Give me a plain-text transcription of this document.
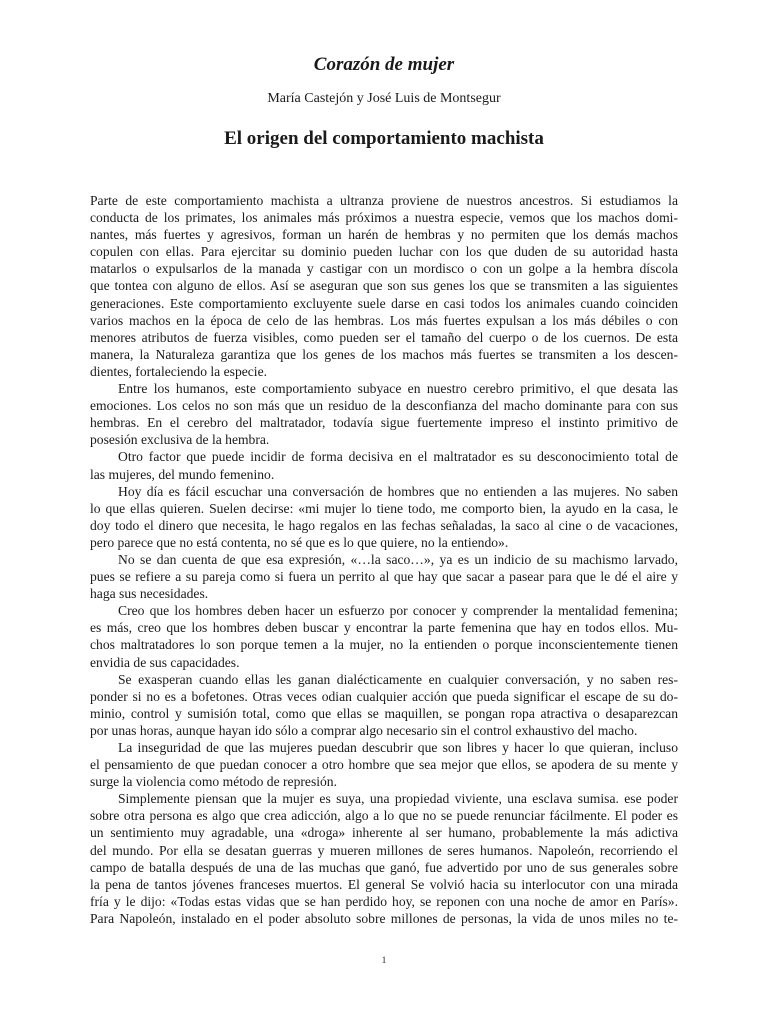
Corazón de mujer

María Castejón y José Luis de Montsegur

El origen del comportamiento machista
Parte de este comportamiento machista a ultranza proviene de nuestros ancestros. Si estudiamos la
conducta de los primates, los animales más próximos a nuestra especie, vemos que los machos domi-
nantes, más fuertes y agresivos, forman un harén de hembras y no permiten que los demás machos
copulen con ellas. Para ejercitar su dominio pueden luchar con los que duden de su autoridad hasta
matarlos o expulsarlos de la manada y castigar con un mordisco o con un golpe a la hembra díscola
que tontea con alguno de ellos. Así se aseguran que son sus genes los que se transmiten a las siguientes
generaciones. Este comportamiento excluyente suele darse en casi todos los animales cuando coinciden
varios machos en la época de celo de las hembras. Los más fuertes expulsan a los más débiles o con
menores atributos de fuerza visibles, como pueden ser el tamaño del cuerpo o de los cuernos. De esta
manera, la Naturaleza garantiza que los genes de los machos más fuertes se transmiten a los descen-
dientes, fortaleciendo la especie.
Entre los humanos, este comportamiento subyace en nuestro cerebro primitivo, el que desata las
emociones. Los celos no son más que un residuo de la desconfianza del macho dominante para con sus
hembras. En el cerebro del maltratador, todavía sigue fuertemente impreso el instinto primitivo de
posesión exclusiva de la hembra.
Otro factor que puede incidir de forma decisiva en el maltratador es su desconocimiento total de
las mujeres, del mundo femenino.
Hoy día es fácil escuchar una conversación de hombres que no entienden a las mujeres. No saben
lo que ellas quieren. Suelen decirse: «mi mujer lo tiene todo, me comporto bien, la ayudo en la casa, le
doy todo el dinero que necesita, le hago regalos en las fechas señaladas, la saco al cine o de vacaciones,
pero parece que no está contenta, no sé que es lo que quiere, no la entiendo».
No se dan cuenta de que esa expresión, «…la saco…», ya es un indicio de su machismo larvado,
pues se refiere a su pareja como si fuera un perrito al que hay que sacar a pasear para que le dé el aire y
haga sus necesidades.
Creo que los hombres deben hacer un esfuerzo por conocer y comprender la mentalidad femenina;
es más, creo que los hombres deben buscar y encontrar la parte femenina que hay en todos ellos. Mu-
chos maltratadores lo son porque temen a la mujer, no la entienden o porque inconscientemente tienen
envidia de sus capacidades.
Se exasperan cuando ellas les ganan dialécticamente en cualquier conversación, y no saben res-
ponder si no es a bofetones. Otras veces odian cualquier acción que pueda significar el escape de su do-
minio, control y sumisión total, como que ellas se maquillen, se pongan ropa atractiva o desaparezcan
por unas horas, aunque hayan ido sólo a comprar algo necesario sin el control exhaustivo del macho.
La inseguridad de que las mujeres puedan descubrir que son libres y hacer lo que quieran, incluso
el pensamiento de que puedan conocer a otro hombre que sea mejor que ellos, se apodera de su mente y
surge la violencia como método de represión.
Simplemente piensan que la mujer es suya, una propiedad viviente, una esclava sumisa. ese poder
sobre otra persona es algo que crea adicción, algo a lo que no se puede renunciar fácilmente. El poder es
un sentimiento muy agradable, una «droga» inherente al ser humano, probablemente la más adictiva
del mundo. Por ella se desatan guerras y mueren millones de seres humanos. Napoleón, recorriendo el
campo de batalla después de una de las muchas que ganó, fue advertido por uno de sus generales sobre
la pena de tantos jóvenes franceses muertos. El general Se volvió hacia su interlocutor con una mirada
fría y le dijo: «Todas estas vidas que se han perdido hoy, se reponen con una noche de amor en París».
Para Napoleón, instalado en el poder absoluto sobre millones de personas, la vida de unos miles no te-

1
